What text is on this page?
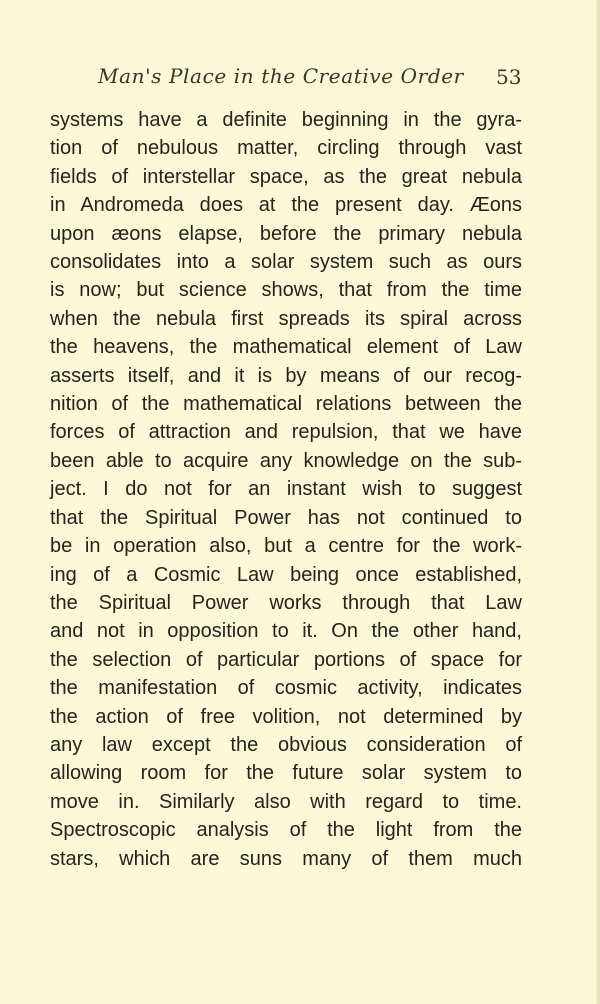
Man's Place in the Creative Order 53
systems have a definite beginning in the gyra-
tion of nebulous matter, circling through vast
fields of interstellar space, as the great nebula
in Andromeda does at the present day. Æons
upon æons elapse, before the primary nebula
consolidates into a solar system such as ours
is now; but science shows, that from the time
when the nebula first spreads its spiral across
the heavens, the mathematical element of Law
asserts itself, and it is by means of our recog-
nition of the mathematical relations between the
forces of attraction and repulsion, that we have
been able to acquire any knowledge on the sub-
ject. I do not for an instant wish to suggest
that the Spiritual Power has not continued to
be in operation also, but a centre for the work-
ing of a Cosmic Law being once established,
the Spiritual Power works through that Law
and not in opposition to it. On the other hand,
the selection of particular portions of space for
the manifestation of cosmic activity, indicates
the action of free volition, not determined by
any law except the obvious consideration of
allowing room for the future solar system to
move in. Similarly also with regard to time.
Spectroscopic analysis of the light from the
stars, which are suns many of them much
